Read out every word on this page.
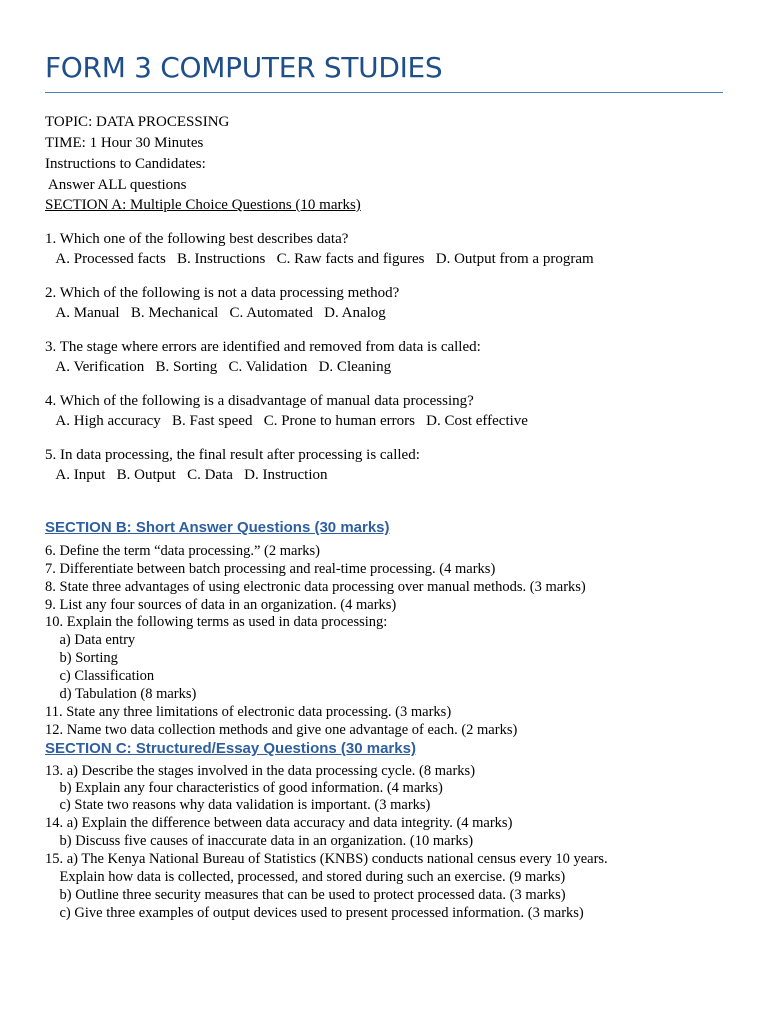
FORM 3 COMPUTER STUDIES
TOPIC: DATA PROCESSING
TIME: 1 Hour 30 Minutes
Instructions to Candidates:
Answer ALL questions
SECTION A: Multiple Choice Questions (10 marks)
1. Which one of the following best describes data?
A. Processed facts   B. Instructions   C. Raw facts and figures   D. Output from a program
2. Which of the following is not a data processing method?
A. Manual   B. Mechanical   C. Automated   D. Analog
3. The stage where errors are identified and removed from data is called:
A. Verification   B. Sorting   C. Validation   D. Cleaning
4. Which of the following is a disadvantage of manual data processing?
A. High accuracy   B. Fast speed   C. Prone to human errors   D. Cost effective
5. In data processing, the final result after processing is called:
A. Input   B. Output   C. Data   D. Instruction
SECTION B: Short Answer Questions (30 marks)
6. Define the term “data processing.” (2 marks)
7. Differentiate between batch processing and real-time processing. (4 marks)
8. State three advantages of using electronic data processing over manual methods. (3 marks)
9. List any four sources of data in an organization. (4 marks)
10. Explain the following terms as used in data processing:
a) Data entry
b) Sorting
c) Classification
d) Tabulation (8 marks)
11. State any three limitations of electronic data processing. (3 marks)
12. Name two data collection methods and give one advantage of each. (2 marks)
SECTION C: Structured/Essay Questions (30 marks)
13. a) Describe the stages involved in the data processing cycle. (8 marks)
b) Explain any four characteristics of good information. (4 marks)
c) State two reasons why data validation is important. (3 marks)
14. a) Explain the difference between data accuracy and data integrity. (4 marks)
b) Discuss five causes of inaccurate data in an organization. (10 marks)
15. a) The Kenya National Bureau of Statistics (KNBS) conducts national census every 10 years.
Explain how data is collected, processed, and stored during such an exercise. (9 marks)
b) Outline three security measures that can be used to protect processed data. (3 marks)
c) Give three examples of output devices used to present processed information. (3 marks)
